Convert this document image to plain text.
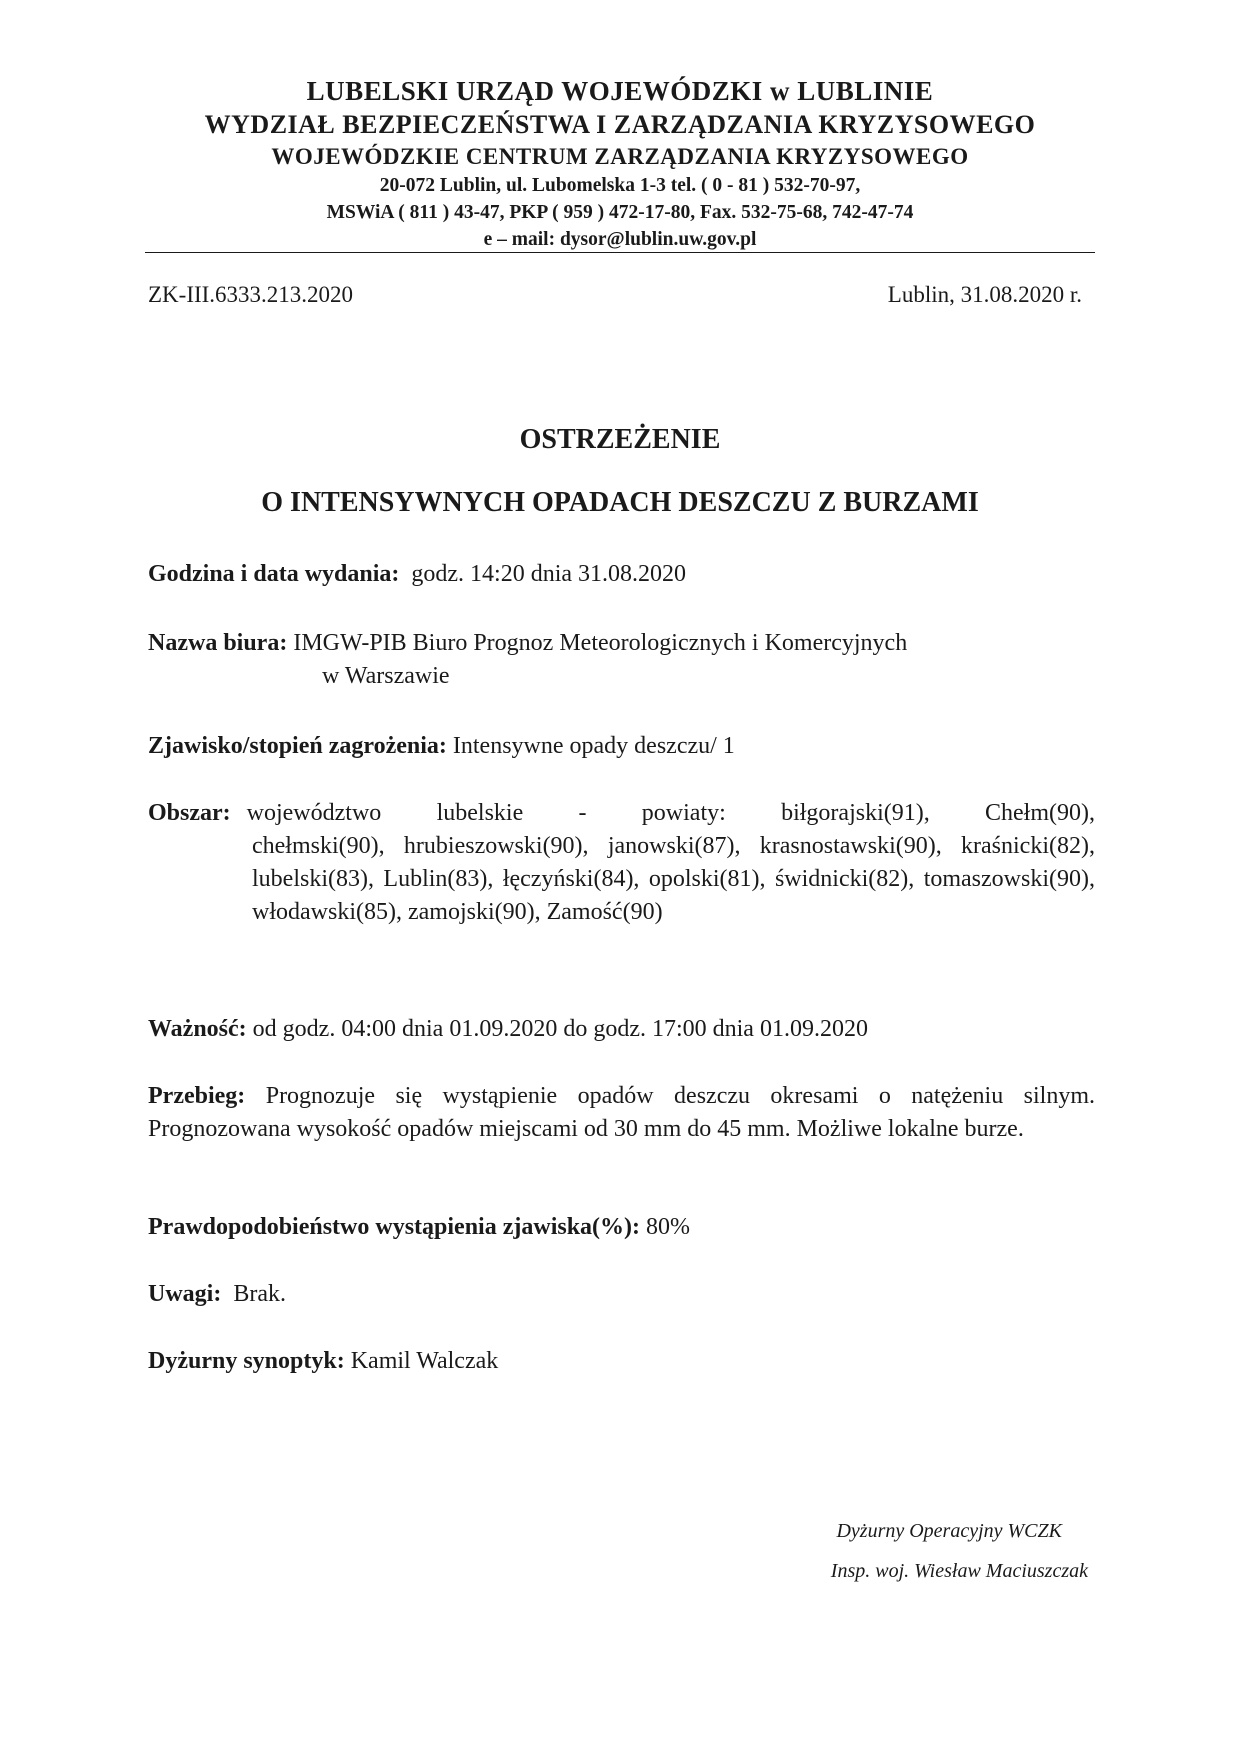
LUBELSKI URZĄD WOJEWÓDZKI w LUBLINIE
WYDZIAŁ BEZPIECZEŃSTWA I ZARZĄDZANIA KRYZYSOWEGO
WOJEWÓDZKIE CENTRUM ZARZĄDZANIA KRYZYSOWEGO
20-072 Lublin, ul. Lubomelska 1-3 tel. ( 0 - 81 ) 532-70-97,
MSWiA ( 811 ) 43-47, PKP ( 959 ) 472-17-80, Fax. 532-75-68, 742-47-74
e – mail: dysor@lublin.uw.gov.pl
ZK-III.6333.213.2020	Lublin, 31.08.2020 r.
OSTRZEŻENIE
O INTENSYWNYCH OPADACH DESZCZU Z BURZAMI
Godzina i data wydania: godz. 14:20 dnia 31.08.2020
Nazwa biura: IMGW-PIB Biuro Prognoz Meteorologicznych i Komercyjnych
w Warszawie
Zjawisko/stopień zagrożenia: Intensywne opady deszczu/ 1
Obszar: województwo lubelskie - powiaty: biłgorajski(91), Chełm(90),
chełmski(90), hrubieszowski(90), janowski(87), krasnostawski(90), kraśnicki(82), lubelski(83), Lublin(83), łęczyński(84), opolski(81), świdnicki(82), tomaszowski(90), włodawski(85), zamojski(90), Zamość(90)
Ważność: od godz. 04:00 dnia 01.09.2020 do godz. 17:00 dnia 01.09.2020
Przebieg: Prognozuje się wystąpienie opadów deszczu okresami o natężeniu silnym. Prognozowana wysokość opadów miejscami od 30 mm do 45 mm. Możliwe lokalne burze.
Prawdopodobieństwo wystąpienia zjawiska(%): 80%
Uwagi: Brak.
Dyżurny synoptyk: Kamil Walczak
Dyżurny Operacyjny WCZK
Insp. woj. Wiesław Maciuszczak
